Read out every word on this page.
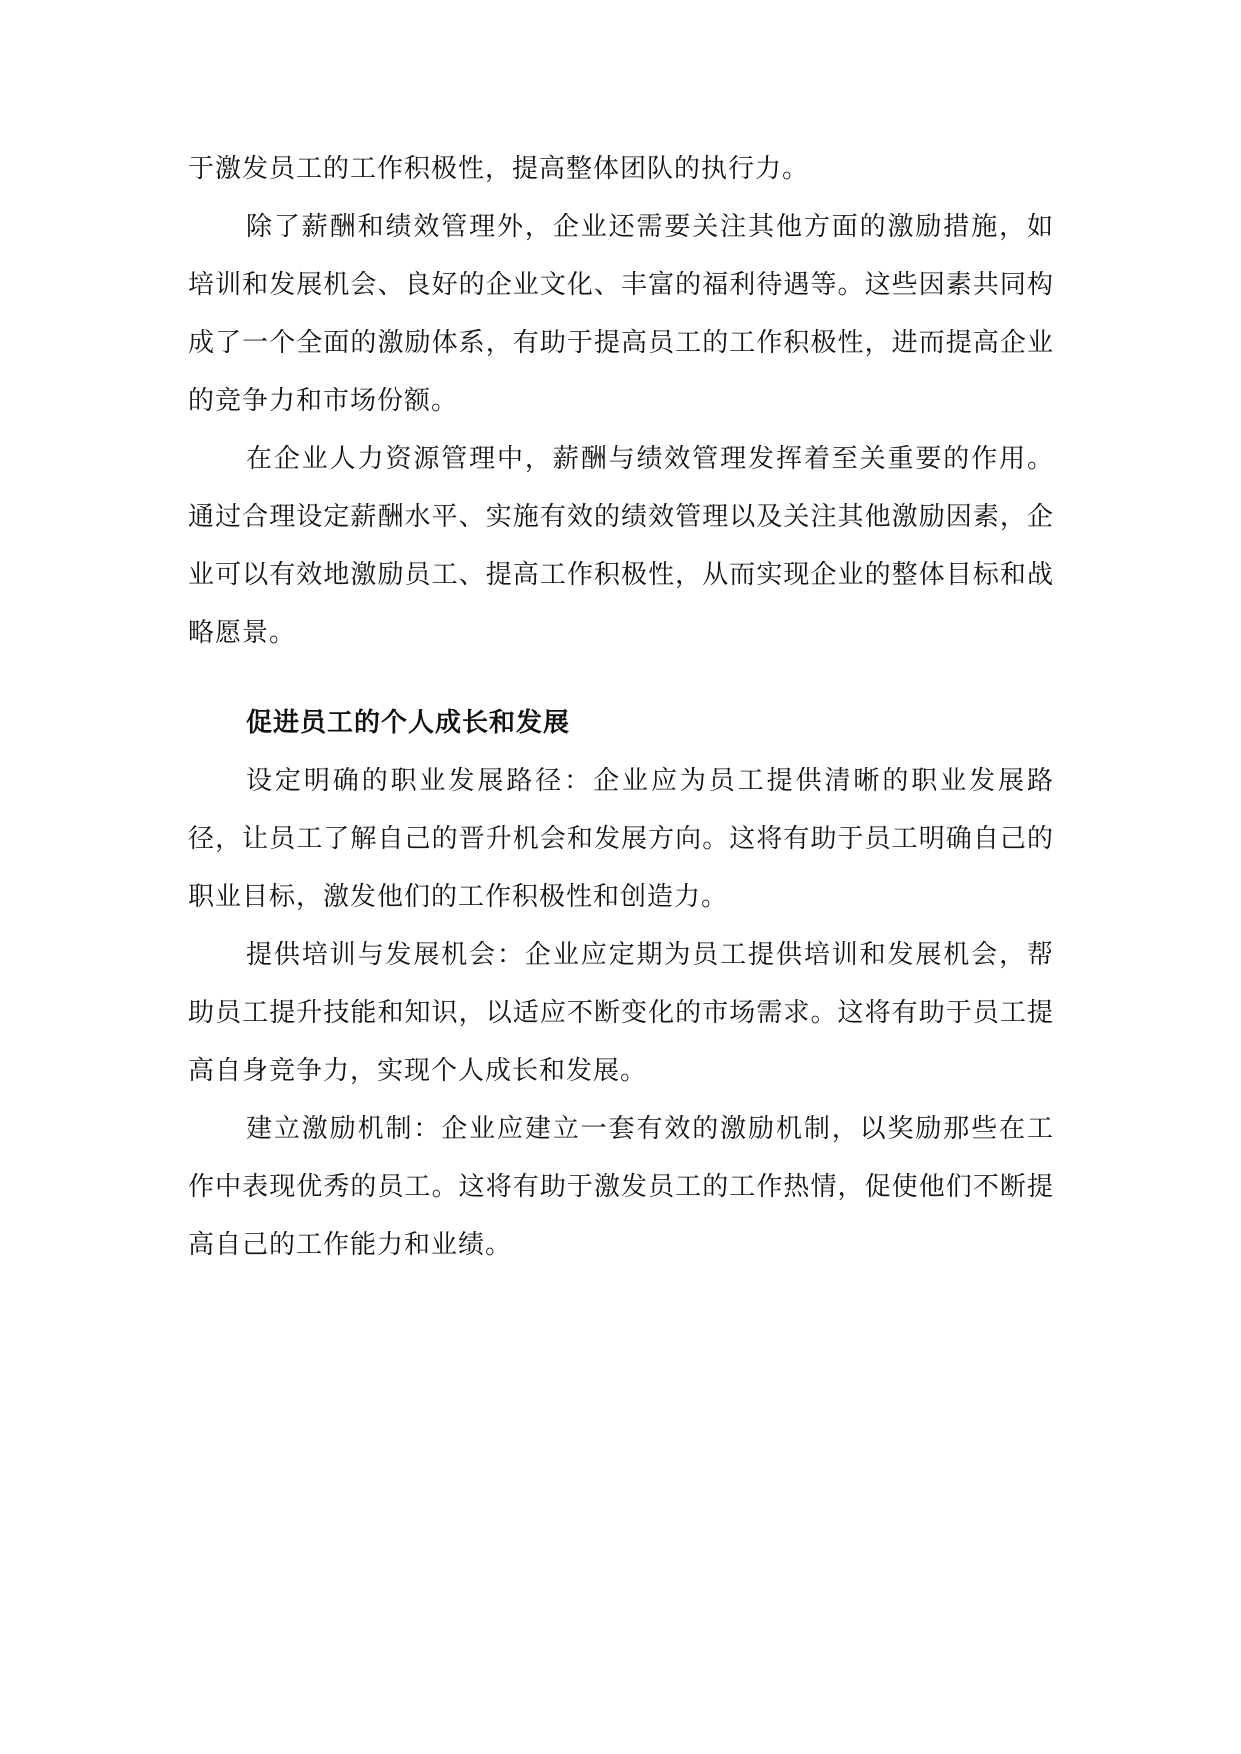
于激发员工的工作积极性，提高整体团队的执行力。

除了薪酬和绩效管理外，企业还需要关注其他方面的激励措施，如培训和发展机会、良好的企业文化、丰富的福利待遇等。这些因素共同构成了一个全面的激励体系，有助于提高员工的工作积极性，进而提高企业的竞争力和市场份额。

在企业人力资源管理中，薪酬与绩效管理发挥着至关重要的作用。通过合理设定薪酬水平、实施有效的绩效管理以及关注其他激励因素，企业可以有效地激励员工、提高工作积极性，从而实现企业的整体目标和战略愿景。

促进员工的个人成长和发展

设定明确的职业发展路径：企业应为员工提供清晰的职业发展路径，让员工了解自己的晋升机会和发展方向。这将有助于员工明确自己的职业目标，激发他们的工作积极性和创造力。

提供培训与发展机会：企业应定期为员工提供培训和发展机会，帮助员工提升技能和知识，以适应不断变化的市场需求。这将有助于员工提高自身竞争力，实现个人成长和发展。

建立激励机制：企业应建立一套有效的激励机制，以奖励那些在工作中表现优秀的员工。这将有助于激发员工的工作热情，促使他们不断提高自己的工作能力和业绩。
